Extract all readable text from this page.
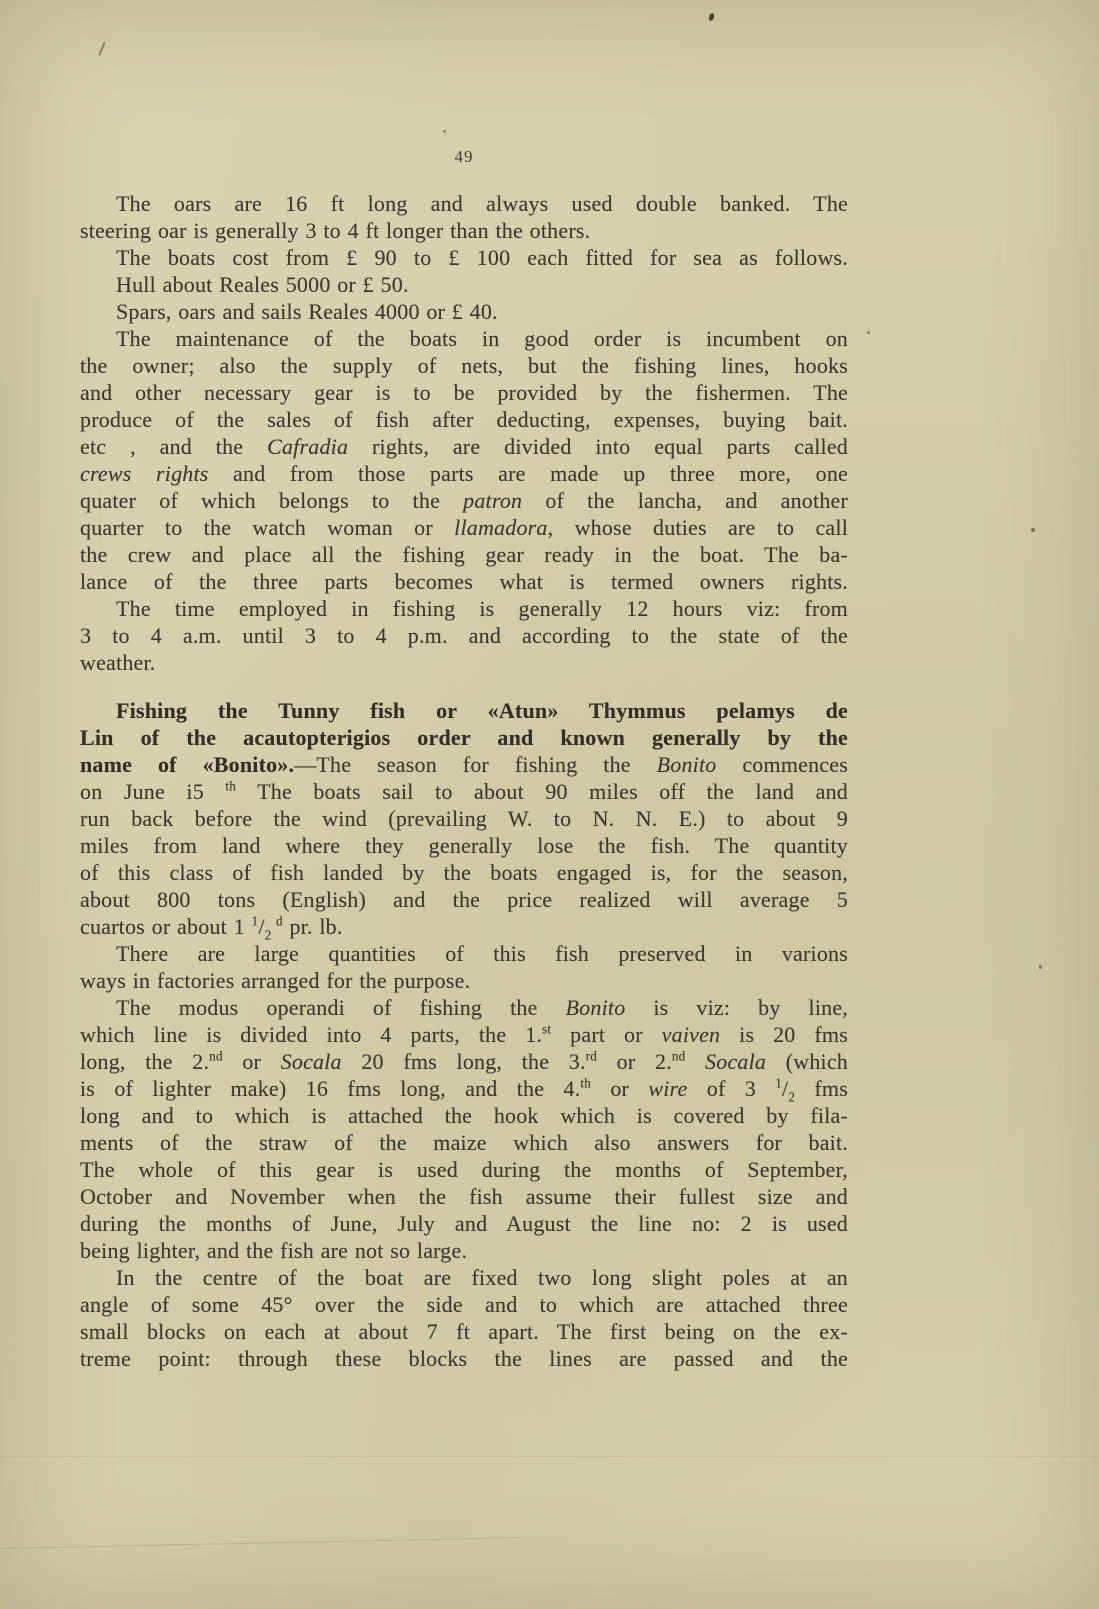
49
The oars are 16 ft long and always used double banked. The
steering oar is generally 3 to 4 ft longer than the others.
The boats cost from £ 90 to £ 100 each fitted for sea as follows.
Hull about Reales 5000 or £ 50.
Spars, oars and sails Reales 4000 or £ 40.
The maintenance of the boats in good order is incumbent on
the owner; also the supply of nets, but the fishing lines, hooks
and other necessary gear is to be provided by the fishermen. The
produce of the sales of fish after deducting, expenses, buying bait.
etc , and the Cafradia rights, are divided into equal parts called
crews rights and from those parts are made up three more, one
quater of which belongs to the patron of the lancha, and another
quarter to the watch woman or llamadora, whose duties are to call
the crew and place all the fishing gear ready in the boat. The ba-
lance of the three parts becomes what is termed owners rights.
The time employed in fishing is generally 12 hours viz: from
3 to 4 a.m. until 3 to 4 p.m. and according to the state of the
weather.
Fishing the Tunny fish or «Atun» Thymmus pelamys de
Lin of the acautopterigios order and known generally by the
name of «Bonito».—The season for fishing the Bonito commences
on June i5 $^{th}$ The boats sail to about 90 miles off the land and
run back before the wind (prevailing W. to N. N. E.) to about 9
miles from land where they generally lose the fish. The quantity
of this class of fish landed by the boats engaged is, for the season,
about 800 tons (English) and the price realized will average 5
cuartos or about 1 $^1/_2$ $^d$ pr. lb.
There are large quantities of this fish preserved in varions
ways in factories arranged for the purpose.
The modus operandi of fishing the Bonito is viz: by line,
which line is divided into 4 parts, the 1.$^{st}$ part or vaiven is 20 fms
long, the 2.$^{nd}$ or Socala 20 fms long, the 3.$^{rd}$ or 2.$^{nd}$ Socala (which
is of lighter make) 16 fms long, and the 4.$^{th}$ or wire of 3 $^1/_2$ fms
long and to which is attached the hook which is covered by fila-
ments of the straw of the maize which also answers for bait.
The whole of this gear is used during the months of September,
October and November when the fish assume their fullest size and
during the months of June, July and August the line no: 2 is used
being lighter, and the fish are not so large.
In the centre of the boat are fixed two long slight poles at an
angle of some 45° over the side and to which are attached three
small blocks on each at about 7 ft apart. The first being on the ex-
treme point: through these blocks the lines are passed and the
